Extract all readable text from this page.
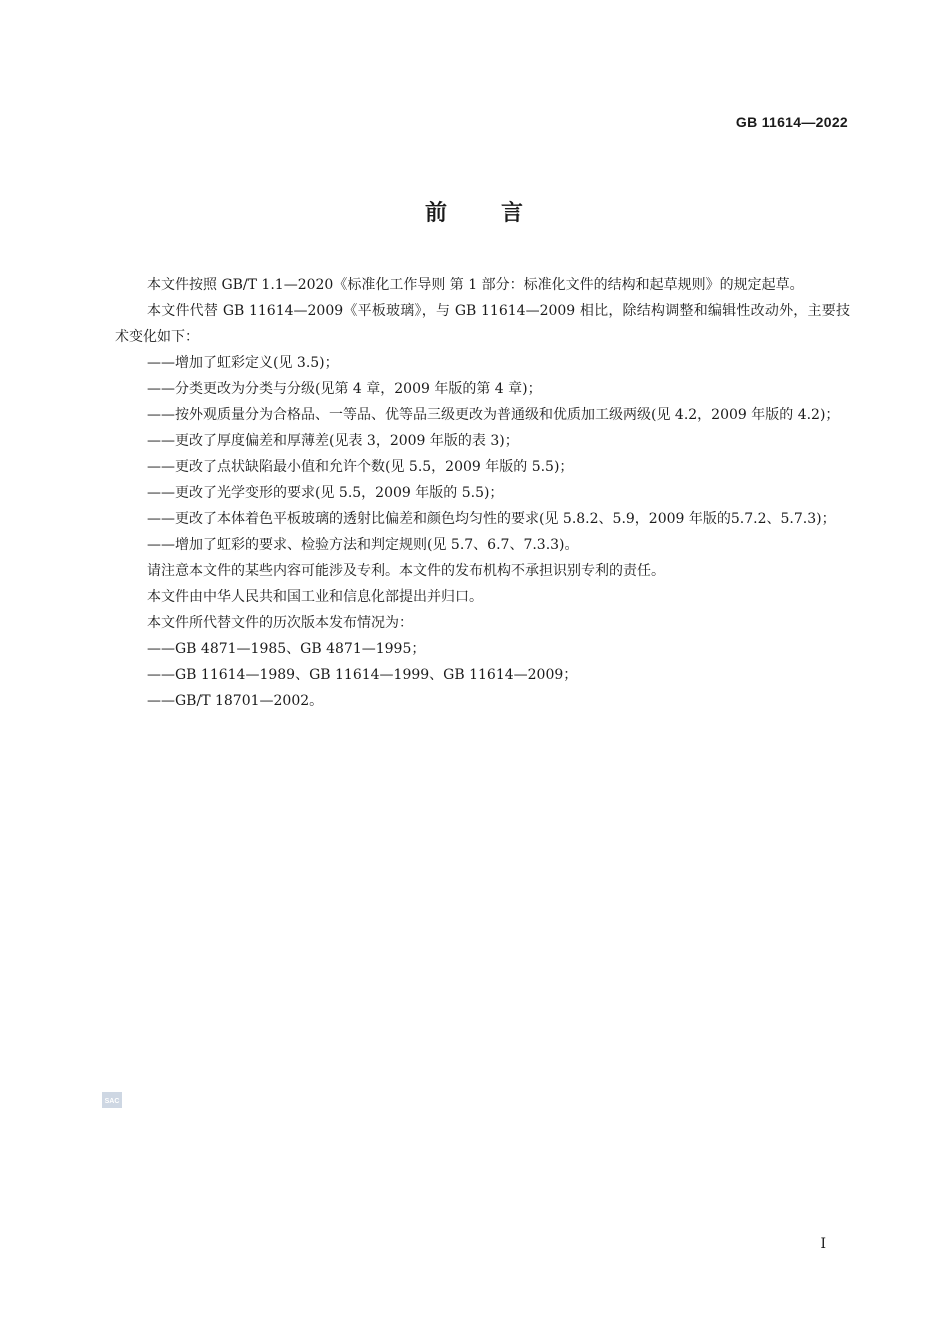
GB 11614—2022
前 言

本文件按照 GB/T 1.1—2020《标准化工作导则 第 1 部分：标准化文件的结构和起草规则》的规定起草。

本文件代替 GB 11614—2009《平板玻璃》，与 GB 11614—2009 相比，除结构调整和编辑性改动外，主要技术变化如下：

——增加了虹彩定义(见 3.5)；

——分类更改为分类与分级(见第 4 章，2009 年版的第 4 章)；

——按外观质量分为合格品、一等品、优等品三级更改为普通级和优质加工级两级(见 4.2，2009 年版的 4.2)；

——更改了厚度偏差和厚薄差(见表 3，2009 年版的表 3)；

——更改了点状缺陷最小值和允许个数(见 5.5，2009 年版的 5.5)；

——更改了光学变形的要求(见 5.5，2009 年版的 5.5)；

——更改了本体着色平板玻璃的透射比偏差和颜色均匀性的要求(见 5.8.2、5.9，2009 年版的5.7.2、5.7.3)；

——增加了虹彩的要求、检验方法和判定规则(见 5.7、6.7、7.3.3)。

请注意本文件的某些内容可能涉及专利。本文件的发布机构不承担识别专利的责任。

本文件由中华人民共和国工业和信息化部提出并归口。

本文件所代替文件的历次版本发布情况为：

——GB 4871—1985、GB 4871—1995；

——GB 11614—1989、GB 11614—1999、GB 11614—2009；

——GB/T 18701—2002。

SAC
I
